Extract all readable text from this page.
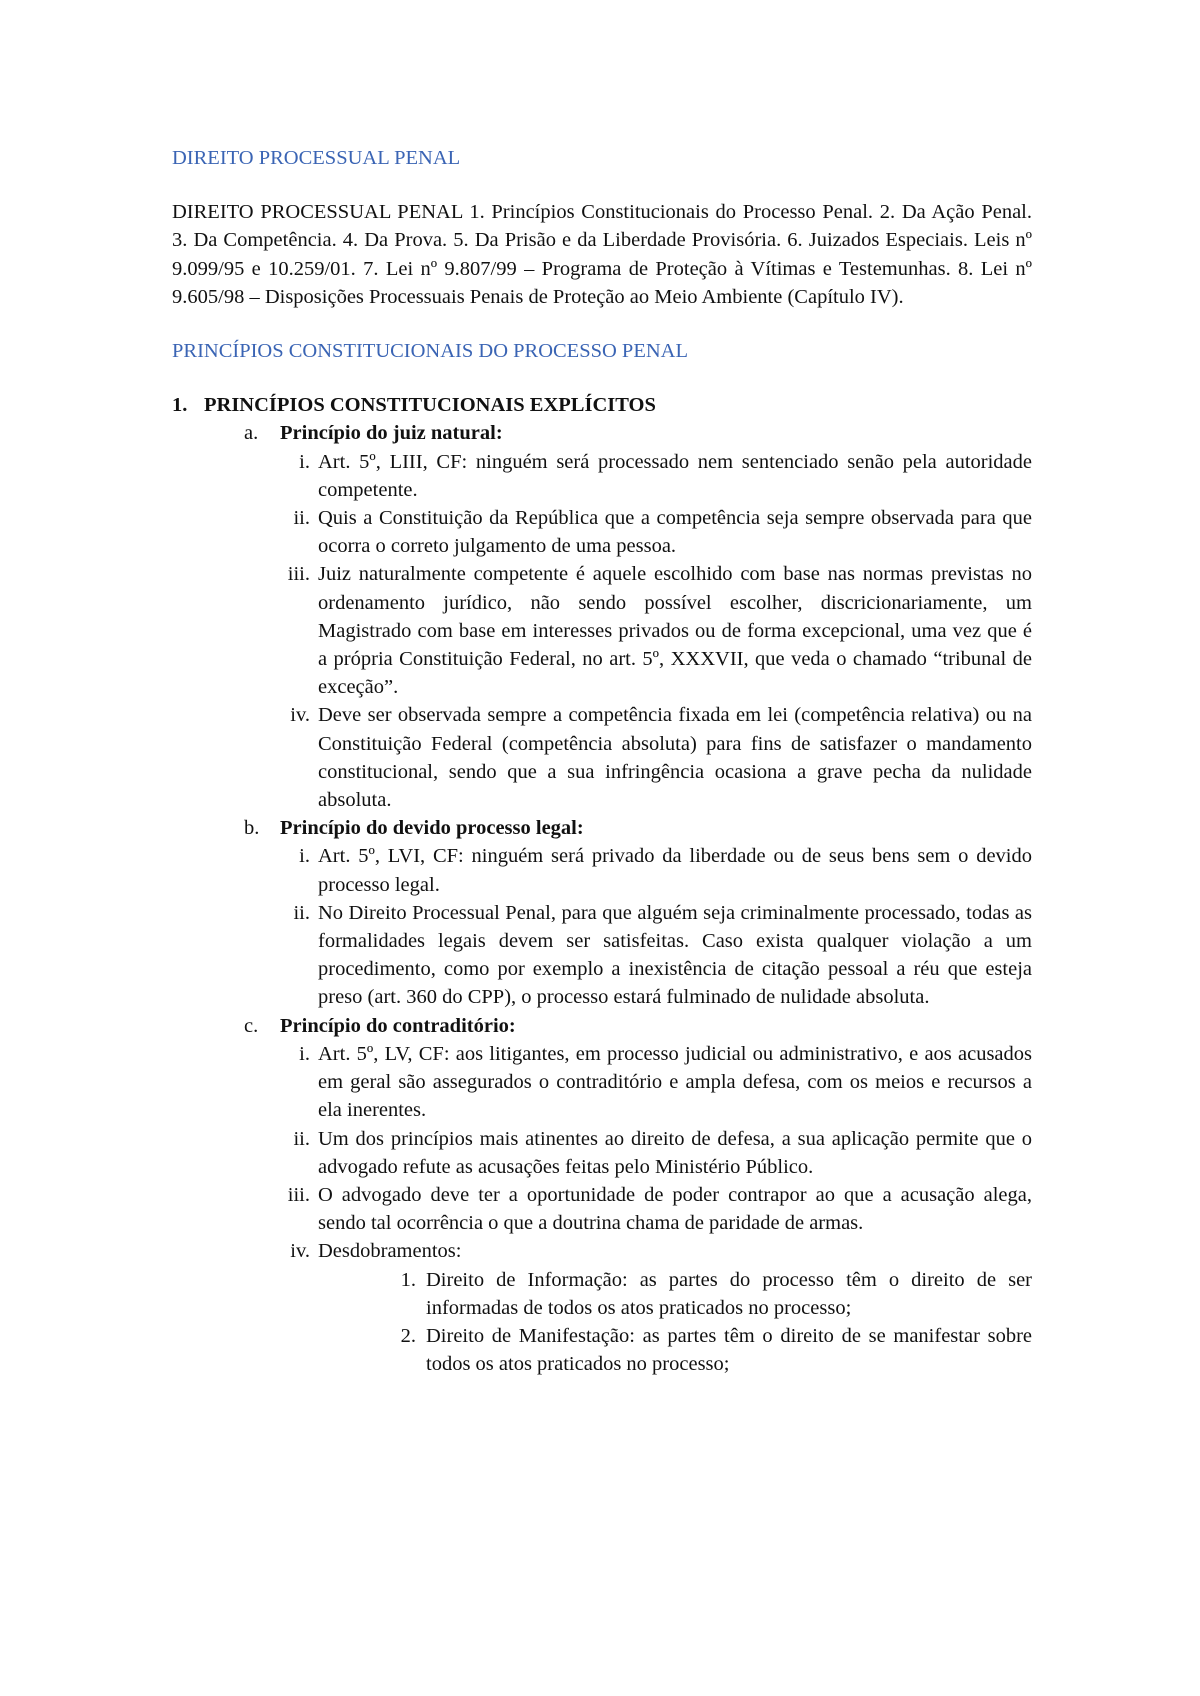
DIREITO PROCESSUAL PENAL

DIREITO PROCESSUAL PENAL 1. Princípios Constitucionais do Processo Penal. 2. Da Ação Penal. 3. Da Competência. 4. Da Prova. 5. Da Prisão e da Liberdade Provisória. 6. Juizados Especiais. Leis nº 9.099/95 e 10.259/01. 7. Lei nº 9.807/99 – Programa de Proteção à Vítimas e Testemunhas. 8. Lei nº 9.605/98 – Disposições Processuais Penais de Proteção ao Meio Ambiente (Capítulo IV).

PRINCÍPIOS CONSTITUCIONAIS DO PROCESSO PENAL
1. PRINCÍPIOS CONSTITUCIONAIS EXPLÍCITOS
a.	Princípio do juiz natural:
i. Art. 5º, LIII, CF: ninguém será processado nem sentenciado senão pela autoridade competente.
ii. Quis a Constituição da República que a competência seja sempre observada para que ocorra o correto julgamento de uma pessoa.
iii. Juiz naturalmente competente é aquele escolhido com base nas normas previstas no ordenamento jurídico, não sendo possível escolher, discricionariamente, um Magistrado com base em interesses privados ou de forma excepcional, uma vez que é a própria Constituição Federal, no art. 5º, XXXVII, que veda o chamado “tribunal de exceção”.
iv. Deve ser observada sempre a competência fixada em lei (competência relativa) ou na Constituição Federal (competência absoluta) para fins de satisfazer o mandamento constitucional, sendo que a sua infringência ocasiona a grave pecha da nulidade absoluta.
b.	Princípio do devido processo legal:
i. Art. 5º, LVI, CF: ninguém será privado da liberdade ou de seus bens sem o devido processo legal.
ii. No Direito Processual Penal, para que alguém seja criminalmente processado, todas as formalidades legais devem ser satisfeitas. Caso exista qualquer violação a um procedimento, como por exemplo a inexistência de citação pessoal a réu que esteja preso (art. 360 do CPP), o processo estará fulminado de nulidade absoluta.
c.	Princípio do contraditório:
i. Art. 5º, LV, CF: aos litigantes, em processo judicial ou administrativo, e aos acusados em geral são assegurados o contraditório e ampla defesa, com os meios e recursos a ela inerentes.
ii. Um dos princípios mais atinentes ao direito de defesa, a sua aplicação permite que o advogado refute as acusações feitas pelo Ministério Público.
iii. O advogado deve ter a oportunidade de poder contrapor ao que a acusação alega, sendo tal ocorrência o que a doutrina chama de paridade de armas.
iv. Desdobramentos:
1. Direito de Informação: as partes do processo têm o direito de ser informadas de todos os atos praticados no processo;
2. Direito de Manifestação: as partes têm o direito de se manifestar sobre todos os atos praticados no processo;
